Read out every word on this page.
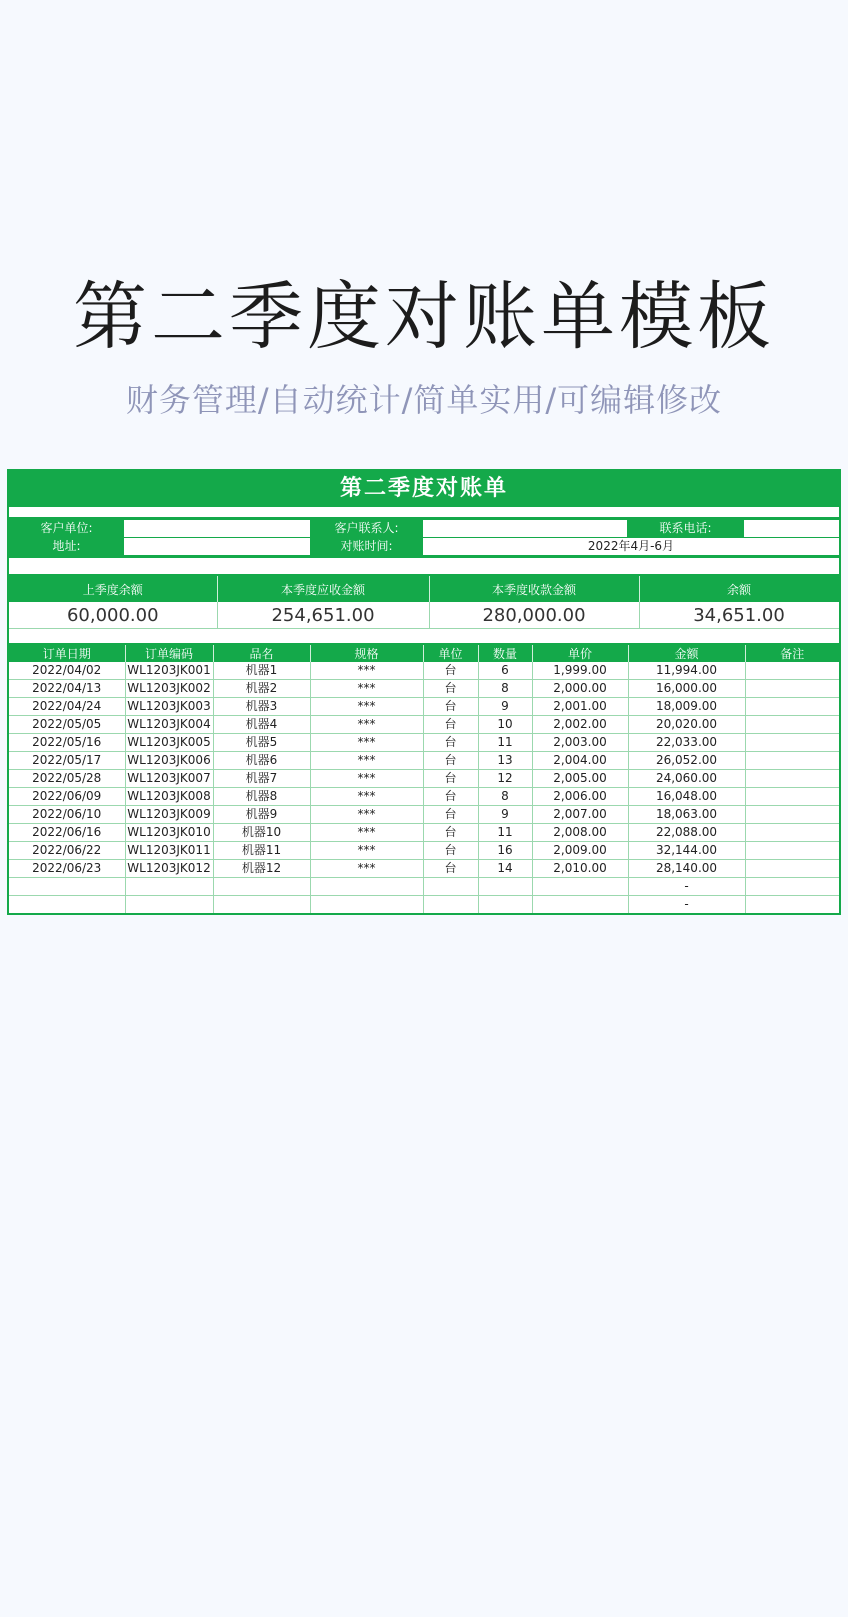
第二季度对账单模板
财务管理/自动统计/简单实用/可编辑修改
第二季度对账单
客户单位:		客户联系人:		联系电话:	
地址:		对账时间:	2022年4月-6月		
上季度余额	本季度应收金额	本季度收款金额	余额
60,000.00	254,651.00	280,000.00	34,651.00
订单日期	订单编码	品名	规格	单位	数量	单价	金额	备注
2022/04/02	WL1203JK001	机器1	***	台	6	1,999.00	11,994.00	
2022/04/13	WL1203JK002	机器2	***	台	8	2,000.00	16,000.00	
2022/04/24	WL1203JK003	机器3	***	台	9	2,001.00	18,009.00	
2022/05/05	WL1203JK004	机器4	***	台	10	2,002.00	20,020.00	
2022/05/16	WL1203JK005	机器5	***	台	11	2,003.00	22,033.00	
2022/05/17	WL1203JK006	机器6	***	台	13	2,004.00	26,052.00	
2022/05/28	WL1203JK007	机器7	***	台	12	2,005.00	24,060.00	
2022/06/09	WL1203JK008	机器8	***	台	8	2,006.00	16,048.00	
2022/06/10	WL1203JK009	机器9	***	台	9	2,007.00	18,063.00	
2022/06/16	WL1203JK010	机器10	***	台	11	2,008.00	22,088.00	
2022/06/22	WL1203JK011	机器11	***	台	16	2,009.00	32,144.00	
2022/06/23	WL1203JK012	机器12	***	台	14	2,010.00	28,140.00	
							-	
							-	
